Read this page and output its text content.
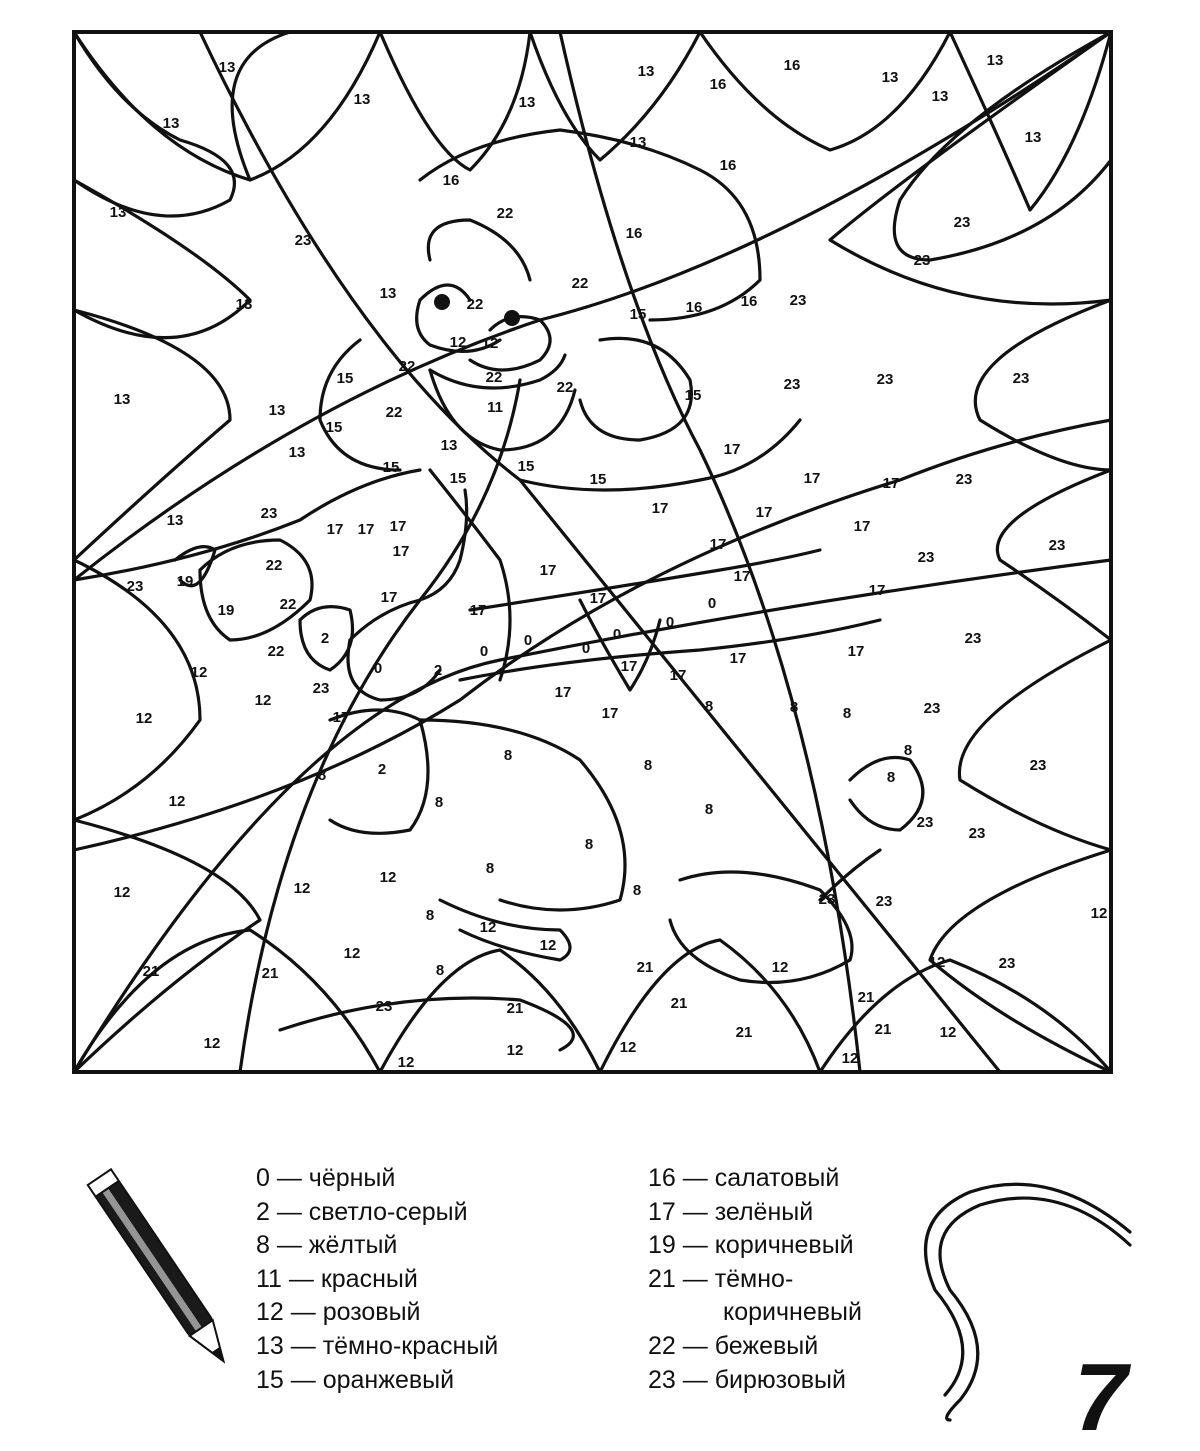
13
13
13
13
13
16
16
13
13
13
13
23
13
13
16
16
22
16
23
23
13
13
22
22
12 12
15	16	16 23
13
13
15
22
22
22
11
22
15
23	23	23
13
15
13
15
15
15
15
17
17	17	23
13	23
17 17 17
17
17	17
17
23
23
17
17
17
23 19
22
22	17	17
17
17
0
0
0
0
0
0
17
17
17	17
23
22
19
2
0	2
17
12
17
12
23
17	8	8	8	23
2
8
8
8
8
23
12
12
8	8
23
23
12	12
8
8
8
8
23	23
12
12
8
12
12
12
21	21	8	21	12	12	23
23	21	21
21
21
21	12
12
12
12	12
12
0 — чёрный
2 — светло-серый
8 — жёлтый
11 — красный
12 — розовый
13 — тёмно-красный
15 — оранжевый
16 — салатовый
17 — зелёный
19 — коричневый
21 — тёмно-
коричневый
22 — бежевый
23 — бирюзовый 7
